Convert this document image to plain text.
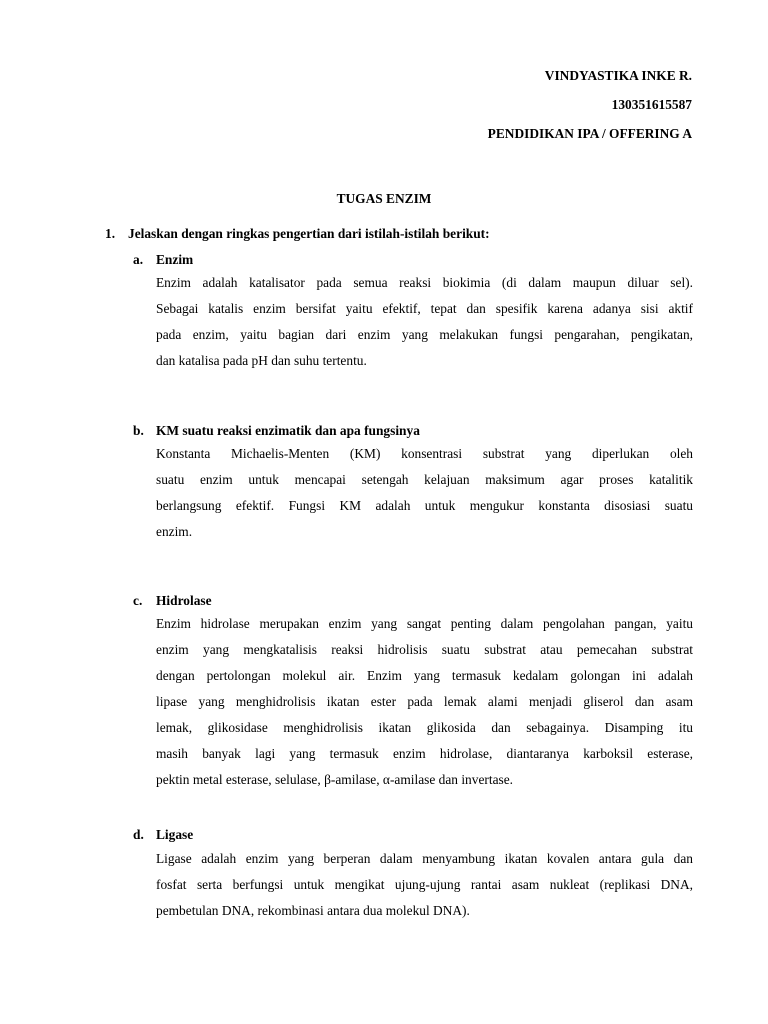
VINDYASTIKA INKE R.
130351615587
PENDIDIKAN IPA / OFFERING A
TUGAS ENZIM
1. Jelaskan dengan ringkas pengertian dari istilah-istilah berikut:
a. Enzim
Enzim adalah katalisator pada semua reaksi biokimia (di dalam maupun diluar sel).
Sebagai katalis enzim bersifat yaitu efektif, tepat dan spesifik karena adanya sisi aktif
pada enzim, yaitu bagian dari enzim yang melakukan fungsi pengarahan, pengikatan,
dan katalisa pada pH dan suhu tertentu.
b. KM suatu reaksi enzimatik dan apa fungsinya
Konstanta Michaelis-Menten (KM) konsentrasi substrat yang diperlukan oleh
suatu enzim untuk mencapai setengah kelajuan maksimum agar proses katalitik
berlangsung efektif. Fungsi KM adalah untuk mengukur konstanta disosiasi suatu
enzim.
c. Hidrolase
Enzim hidrolase merupakan enzim yang sangat penting dalam pengolahan pangan, yaitu
enzim yang mengkatalisis reaksi hidrolisis suatu substrat atau pemecahan substrat
dengan pertolongan molekul air. Enzim yang termasuk kedalam golongan ini adalah
lipase yang menghidrolisis ikatan ester pada lemak alami menjadi gliserol dan asam
lemak, glikosidase menghidrolisis ikatan glikosida dan sebagainya. Disamping itu
masih banyak lagi yang termasuk enzim hidrolase, diantaranya karboksil esterase,
pektin metal esterase, selulase, β-amilase, α-amilase dan invertase.
d. Ligase
Ligase adalah enzim yang berperan dalam menyambung ikatan kovalen antara gula dan
fosfat serta berfungsi untuk mengikat ujung-ujung rantai asam nukleat (replikasi DNA,
pembetulan DNA, rekombinasi antara dua molekul DNA).
